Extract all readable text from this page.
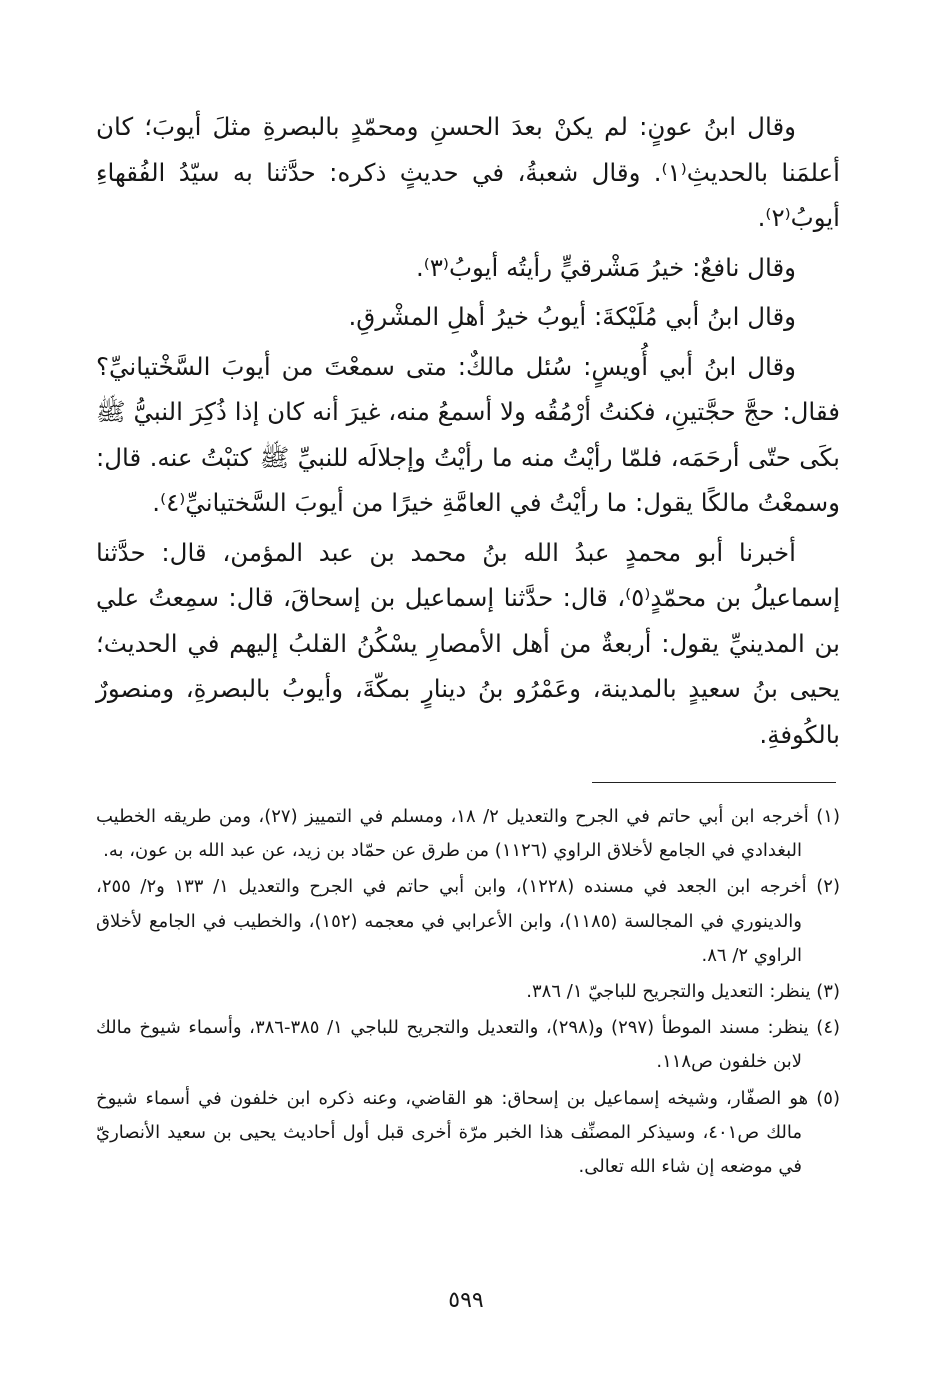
وقال ابنُ عونٍ: لم يكنْ بعدَ الحسنِ ومحمّدٍ بالبصرةِ مثلَ أيوبَ؛ كان أعلمَنا بالحديثِ⁽١⁾. وقال شعبةُ، في حديثٍ ذكره: حدَّثنا به سيّدُ الفُقهاءِ أيوبُ⁽٢⁾.

وقال نافعٌ: خيرُ مَشْرقيٍّ رأيتُه أيوبُ⁽٣⁾.

وقال ابنُ أبي مُلَيْكةَ: أيوبُ خيرُ أهلِ المشْرقِ.

وقال ابنُ أبي أُويسٍ: سُئل مالكٌ: متى سمعْتَ من أيوبَ السَّخْتيانيِّ؟ فقال: حجَّ حجَّتينِ، فكنتُ أرْمُقُه ولا أسمعُ منه، غيرَ أنه كان إذا ذُكِرَ النبيُّ ﷺ بكَى حتّى أرحَمَه، فلمّا رأيْتُ منه ما رأيْتُ وإجلالَه للنبيِّ ﷺ كتبْتُ عنه. قال: وسمعْتُ مالكًا يقول: ما رأيْتُ في العامَّةِ خيرًا من أيوبَ السَّختيانيِّ⁽٤⁾.

أخبرنا أبو محمدٍ عبدُ الله بنُ محمد بن عبد المؤمن، قال: حدَّثنا إسماعيلُ بن محمّدٍ⁽٥⁾، قال: حدَّثنا إسماعيل بن إسحاقَ، قال: سمِعتُ علي بن المدينيِّ يقول: أربعةٌ من أهل الأمصارِ يسْكُنُ القلبُ إليهم في الحديث؛ يحيى بنُ سعيدٍ بالمدينة، وعَمْرُو بنُ دينارٍ بمكّةَ، وأيوبُ بالبصرةِ، ومنصورٌ بالكُوفةِ.

(١) أخرجه ابن أبي حاتم في الجرح والتعديل ٢/ ١٨، ومسلم في التمييز (٢٧)، ومن طريقه الخطيب البغدادي في الجامع لأخلاق الراوي (١١٢٦) من طرق عن حمّاد بن زيد، عن عبد الله بن عون، به.

(٢) أخرجه ابن الجعد في مسنده (١٢٢٨)، وابن أبي حاتم في الجرح والتعديل ١/ ١٣٣ و٢/ ٢٥٥، والدينوري في المجالسة (١١٨٥)، وابن الأعرابي في معجمه (١٥٢)، والخطيب في الجامع لأخلاق الراوي ٢/ ٨٦.

(٣) ينظر: التعديل والتجريح للباجيّ ١/ ٣٨٦.

(٤) ينظر: مسند الموطأ (٢٩٧) و(٢٩٨)، والتعديل والتجريح للباجي ١/ ٣٨٥-٣٨٦، وأسماء شيوخ مالك لابن خلفون ص١١٨.

(٥) هو الصفّار، وشيخه إسماعيل بن إسحاق: هو القاضي، وعنه ذكره ابن خلفون في أسماء شيوخ مالك ص٤٠١، وسيذكر المصنِّف هذا الخبر مرّة أخرى قبل أول أحاديث يحيى بن سعيد الأنصاريّ في موضعه إن شاء الله تعالى.

٥٩٩
